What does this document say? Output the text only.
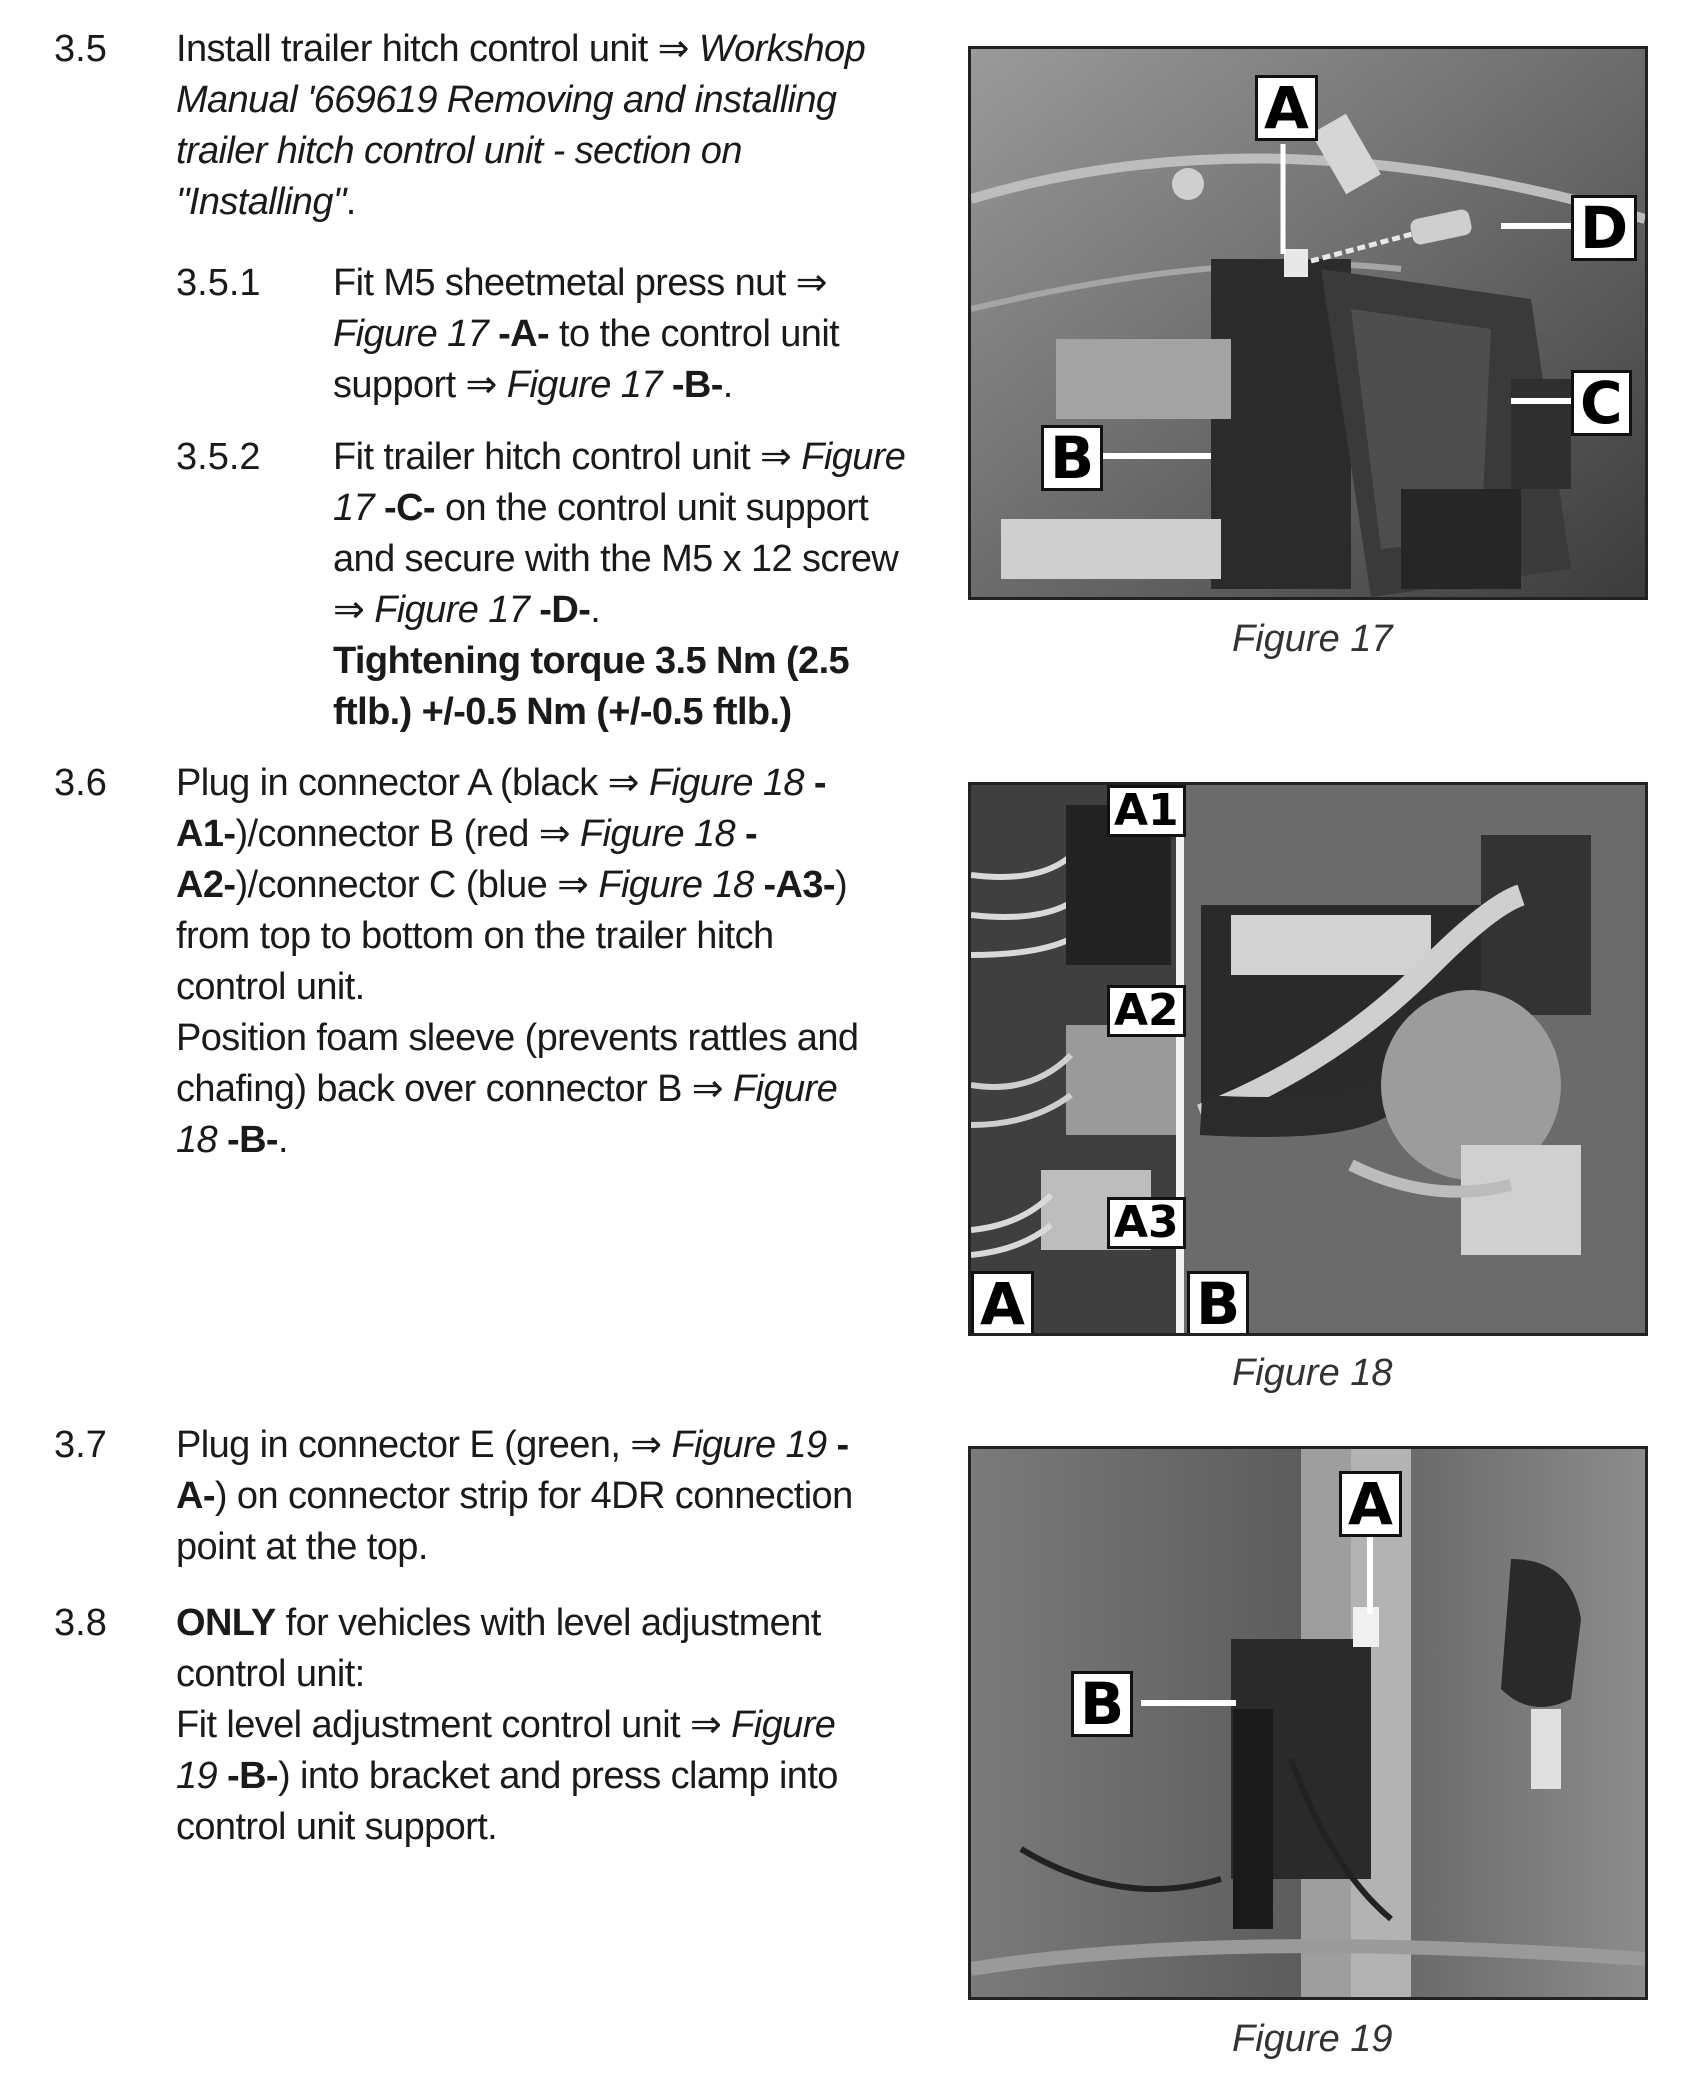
3.5 Install trailer hitch control unit ⇒ Workshop Manual '669619 Removing and installing trailer hitch control unit - section on "Installing".
3.5.1 Fit M5 sheetmetal press nut ⇒ Figure 17 -A- to the control unit support ⇒ Figure 17 -B-.
3.5.2 Fit trailer hitch control unit ⇒ Figure 17 -C- on the control unit support and secure with the M5 x 12 screw ⇒ Figure 17 -D-.
Tightening torque 3.5 Nm (2.5 ftlb.) +/-0.5 Nm (+/-0.5 ftlb.)
3.6 Plug in connector A (black ⇒ Figure 18 -A1-)/connector B (red ⇒ Figure 18 -A2-)/connector C (blue ⇒ Figure 18 -A3-) from top to bottom on the trailer hitch control unit.
Position foam sleeve (prevents rattles and chafing) back over connector B ⇒ Figure 18 -B-.
3.7 Plug in connector E (green, ⇒ Figure 19 -A-) on connector strip for 4DR connection point at the top.
3.8 ONLY for vehicles with level adjustment control unit:
Fit level adjustment control unit ⇒ Figure 19 -B-) into bracket and press clamp into control unit support.
A
D
C
B
Figure 17
A1
A2
A3
A	B
Figure 18
A
B
Figure 19
